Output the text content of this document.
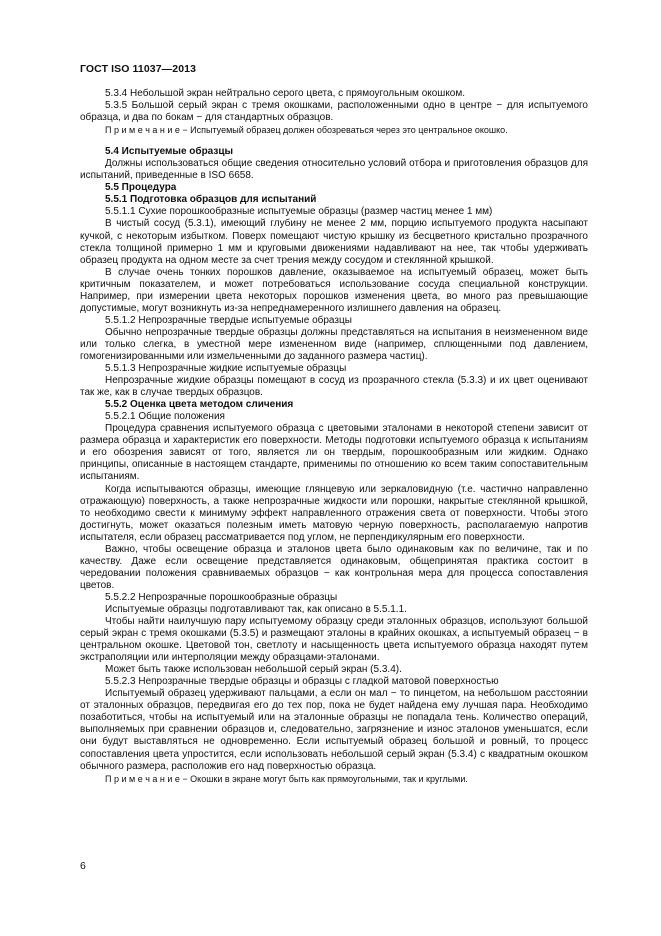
ГОСТ ISO 11037—2013
5.3.4 Небольшой экран нейтрально серого цвета, с прямоугольным окошком.
5.3.5 Большой серый экран с тремя окошками, расположенными одно в центре − для испытуемого образца, и два по бокам − для стандартных образцов.
П р и м е ч а н и е − Испытуемый образец должен обозреваться через это центральное окошко.
5.4 Испытуемые образцы
Должны использоваться общие сведения относительно условий отбора и приготовления образцов для испытаний, приведенные в ISO 6658.
5.5 Процедура
5.5.1 Подготовка образцов для испытаний
5.5.1.1 Сухие порошкообразные испытуемые образцы (размер частиц менее 1 мм)
В чистый сосуд (5.3.1), имеющий глубину не менее 2 мм, порцию испытуемого продукта насыпают кучкой, с некоторым избытком. Поверх помещают чистую крышку из бесцветного кристально прозрачного стекла толщиной примерно 1 мм и круговыми движениями надавливают на нее, так чтобы удерживать образец продукта на одном месте за счет трения между сосудом и стеклянной крышкой.
В случае очень тонких порошков давление, оказываемое на испытуемый образец, может быть критичным показателем, и может потребоваться использование сосуда специальной конструкции. Например, при измерении цвета некоторых порошков изменения цвета, во много раз превышающие допустимые, могут возникнуть из-за непреднамеренного излишнего давления на образец.
5.5.1.2 Непрозрачные твердые испытуемые образцы
Обычно непрозрачные твердые образцы должны представляться на испытания в неизмененном виде или только слегка, в уместной мере измененном виде (например, сплющенными под давлением, гомогенизированными или измельченными до заданного размера частиц).
5.5.1.3 Непрозрачные жидкие испытуемые образцы
Непрозрачные жидкие образцы помещают в сосуд из прозрачного стекла (5.3.3) и их цвет оценивают так же, как в случае твердых образцов.
5.5.2 Оценка цвета методом сличения
5.5.2.1 Общие положения
Процедура сравнения испытуемого образца с цветовыми эталонами в некоторой степени зависит от размера образца и характеристик его поверхности. Методы подготовки испытуемого образца к испытаниям и его обозрения зависят от того, является ли он твердым, порошкообразным или жидким. Однако принципы, описанные в настоящем стандарте, применимы по отношению ко всем таким сопоставительным испытаниям.
Когда испытываются образцы, имеющие глянцевую или зеркаловидную (т.е. частично направленно отражающую) поверхность, а также непрозрачные жидкости или порошки, накрытые стеклянной крышкой, то необходимо свести к минимуму эффект направленного отражения света от поверхности. Чтобы этого достигнуть, может оказаться полезным иметь матовую черную поверхность, располагаемую напротив испытателя, если образец рассматривается под углом, не перпендикулярным его поверхности.
Важно, чтобы освещение образца и эталонов цвета было одинаковым как по величине, так и по качеству. Даже если освещение представляется одинаковым, общепринятая практика состоит в чередовании положения сравниваемых образцов − как контрольная мера для процесса сопоставления цветов.
5.5.2.2 Непрозрачные порошкообразные образцы
Испытуемые образцы подготавливают так, как описано в 5.5.1.1.
Чтобы найти наилучшую пару испытуемому образцу среди эталонных образцов, используют большой серый экран с тремя окошками (5.3.5) и размещают эталоны в крайних окошках, а испытуемый образец − в центральном окошке. Цветовой тон, светлоту и насыщенность цвета испытуемого образца находят путем экстраполяции или интерполяции между образцами-эталонами.
Может быть также использован небольшой серый экран (5.3.4).
5.5.2.3 Непрозрачные твердые образцы и образцы с гладкой матовой поверхностью
Испытуемый образец удерживают пальцами, а если он мал − то пинцетом, на небольшом расстоянии от эталонных образцов, передвигая его до тех пор, пока не будет найдена ему лучшая пара. Необходимо позаботиться, чтобы на испытуемый или на эталонные образцы не попадала тень. Количество операций, выполняемых при сравнении образцов и, следовательно, загрязнение и износ эталонов уменьшатся, если они будут выставляться не одновременно. Если испытуемый образец большой и ровный, то процесс сопоставления цвета упростится, если использовать небольшой серый экран (5.3.4) с квадратным окошком обычного размера, расположив его над поверхностью образца.
П р и м е ч а н и е − Окошки в экране могут быть как прямоугольными, так и круглыми.
6
